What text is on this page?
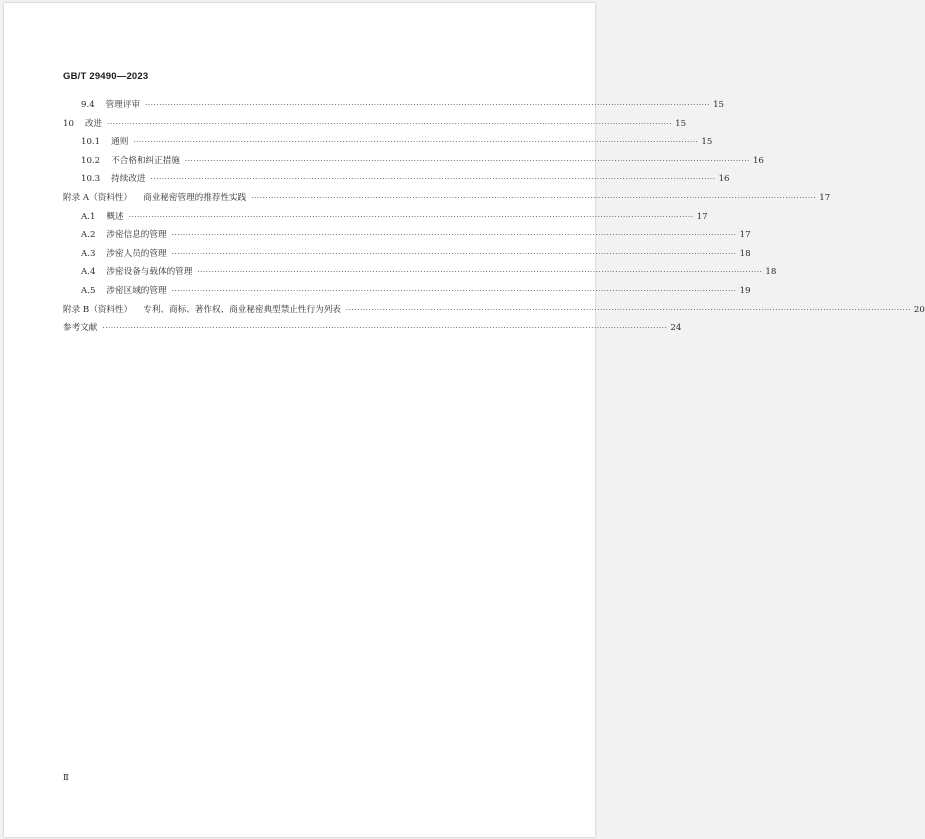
GB/T 29490—2023
9.4 管理评审 ········································································································································································································ 15
10 改进 ········································································································································································································ 15
10.1 通则 ········································································································································································································ 15
10.2 不合格和纠正措施 ········································································································································································································ 16
10.3 持续改进 ········································································································································································································ 16
附录 A（资料性） 商业秘密管理的推荐性实践 ········································································································································································································ 17
A.1 概述 ········································································································································································································ 17
A.2 涉密信息的管理 ········································································································································································································ 17
A.3 涉密人员的管理 ········································································································································································································ 18
A.4 涉密设备与载体的管理 ········································································································································································································ 18
A.5 涉密区域的管理 ········································································································································································································ 19
附录 B（资料性） 专利、商标、著作权、商业秘密典型禁止性行为列表 ········································································································································································································ 20
参考文献 ········································································································································································································ 24
Ⅱ
